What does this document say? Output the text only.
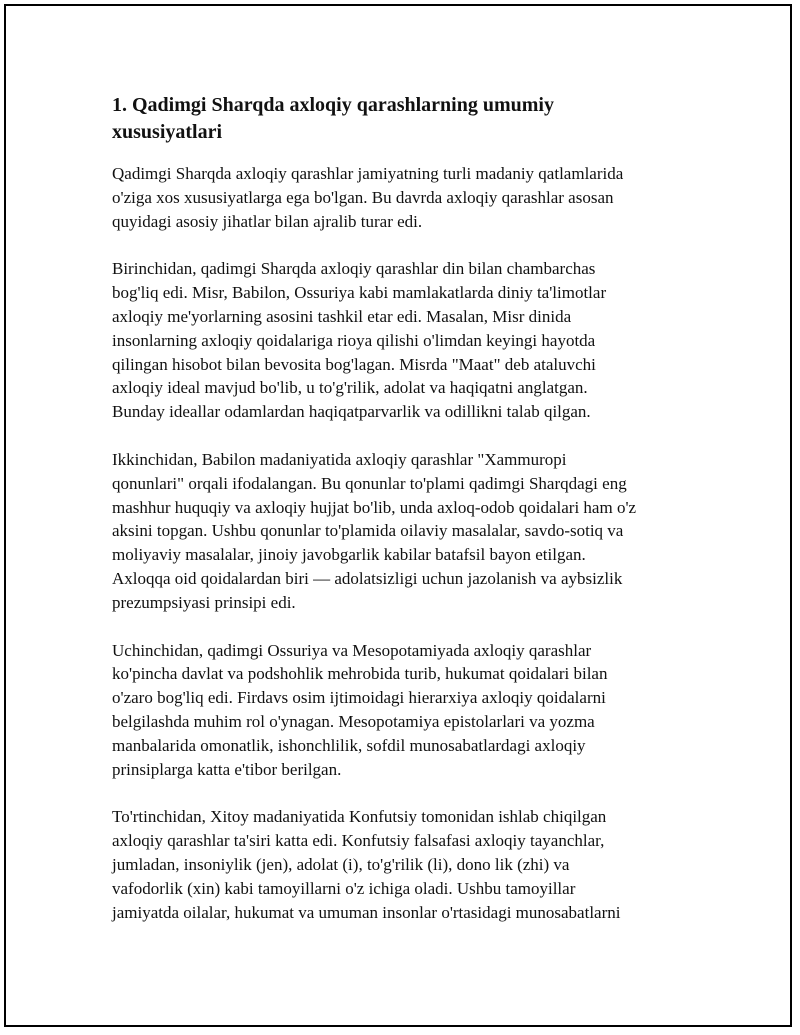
1. Qadimgi Sharqda axloqiy qarashlarning umumiy
xususiyatlari

Qadimgi Sharqda axloqiy qarashlar jamiyatning turli madaniy qatlamlarida
o'ziga xos xususiyatlarga ega bo'lgan. Bu davrda axloqiy qarashlar asosan
quyidagi asosiy jihatlar bilan ajralib turar edi.

Birinchidan, qadimgi Sharqda axloqiy qarashlar din bilan chambarchas
bog'liq edi. Misr, Babilon, Ossuriya kabi mamlakatlarda diniy ta'limotlar
axloqiy me'yorlarning asosini tashkil etar edi. Masalan, Misr dinida
insonlarning axloqiy qoidalariga rioya qilishi o'limdan keyingi hayotda
qilingan hisobot bilan bevosita bog'lagan. Misrda "Maat" deb ataluvchi
axloqiy ideal mavjud bo'lib, u to'g'rilik, adolat va haqiqatni anglatgan.
Bunday ideallar odamlardan haqiqatparvarlik va odillikni talab qilgan.

Ikkinchidan, Babilon madaniyatida axloqiy qarashlar "Xammuropi
qonunlari" orqali ifodalangan. Bu qonunlar to'plami qadimgi Sharqdagi eng
mashhur huquqiy va axloqiy hujjat bo'lib, unda axloq-odob qoidalari ham o'z
aksini topgan. Ushbu qonunlar to'plamida oilaviy masalalar, savdo-sotiq va
moliyaviy masalalar, jinoiy javobgarlik kabilar batafsil bayon etilgan.
Axloqqa oid qoidalardan biri — adolatsizligi uchun jazolanish va aybsizlik
prezumpsiyasi prinsipi edi.

Uchinchidan, qadimgi Ossuriya va Mesopotamiyada axloqiy qarashlar
ko'pincha davlat va podshohlik mehrobida turib, hukumat qoidalari bilan
o'zaro bog'liq edi. Firdavs osim ijtimoidagi hierarxiya axloqiy qoidalarni
belgilashda muhim rol o'ynagan. Mesopotamiya epistolarlari va yozma
manbalarida omonatlik, ishonchlilik, sofdil munosabatlardagi axloqiy
prinsiplarga katta e'tibor berilgan.

To'rtinchidan, Xitoy madaniyatida Konfutsiy tomonidan ishlab chiqilgan
axloqiy qarashlar ta'siri katta edi. Konfutsiy falsafasi axloqiy tayanchlar,
jumladan, insoniylik (jen), adolat (i), to'g'rilik (li), dono lik (zhi) va
vafodorlik (xin) kabi tamoyillarni o'z ichiga oladi. Ushbu tamoyillar
jamiyatda oilalar, hukumat va umuman insonlar o'rtasidagi munosabatlarni
